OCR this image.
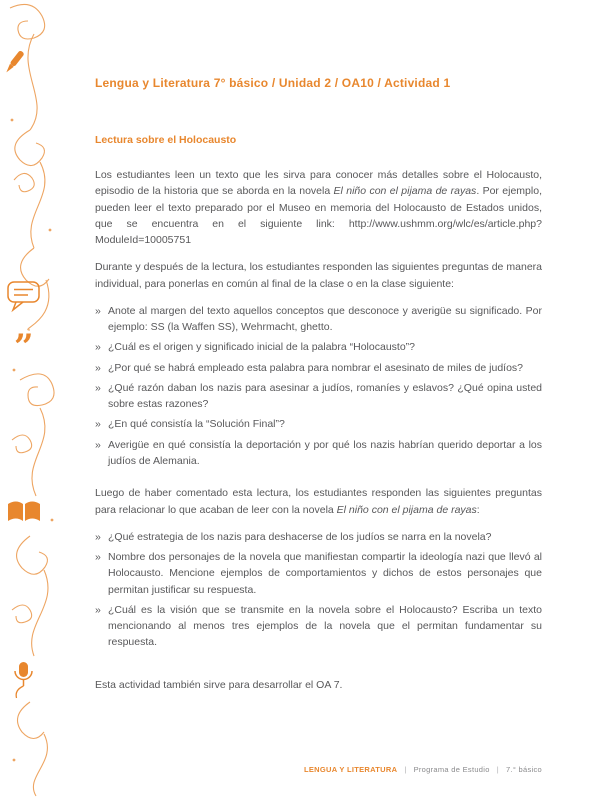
”
Lengua y Literatura 7° básico / Unidad 2 / OA10 / Actividad 1
Lectura sobre el Holocausto

Los estudiantes leen un texto que les sirva para conocer más detalles sobre el Holocausto, episodio de la historia que se aborda en la novela El niño con el pijama de rayas. Por ejemplo, pueden leer el texto preparado por el Museo en memoria del Holocausto de Estados unidos, que se encuentra en el siguiente link: http://www.ushmm.org/wlc/es/article.php?ModuleId=10005751

Durante y después de la lectura, los estudiantes responden las siguientes preguntas de manera individual, para ponerlas en común al final de la clase o en la clase siguiente:

» Anote al margen del texto aquellos conceptos que desconoce y averigüe su significado. Por ejemplo: SS (la Waffen SS), Wehrmacht, ghetto.
» ¿Cuál es el origen y significado inicial de la palabra “Holocausto”?
» ¿Por qué se habrá empleado esta palabra para nombrar el asesinato de miles de judíos?
» ¿Qué razón daban los nazis para asesinar a judíos, romaníes y eslavos? ¿Qué opina usted sobre estas razones?
» ¿En qué consistía la “Solución Final”?
» Averigüe en qué consistía la deportación y por qué los nazis habrían querido deportar a los judíos de Alemania.

Luego de haber comentado esta lectura, los estudiantes responden las siguientes preguntas para relacionar lo que acaban de leer con la novela El niño con el pijama de rayas:

» ¿Qué estrategia de los nazis para deshacerse de los judíos se narra en la novela?
» Nombre dos personajes de la novela que manifiestan compartir la ideología nazi que llevó al Holocausto. Mencione ejemplos de comportamientos y dichos de estos personajes que permitan justificar su respuesta.
» ¿Cuál es la visión que se transmite en la novela sobre el Holocausto? Escriba un texto mencionando al menos tres ejemplos de la novela que el permitan fundamentar su respuesta.

Esta actividad también sirve para desarrollar el OA 7.

LENGUA Y LITERATURA | Programa de Estudio | 7.° básico
